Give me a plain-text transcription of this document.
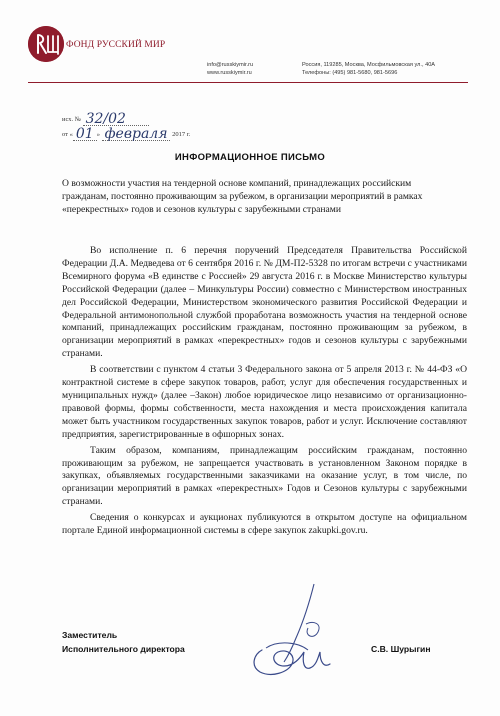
ФОНД РУССКИЙ МИР
info@russkiymir.ru
www.russkiymir.ru
Россия, 119285, Москва, Мосфильмовская ул., 40А
Телефоны: (495) 981-5680, 981-5696
исх. № 32/02
от « 01 » февраля 2017 г.
ИНФОРМАЦИОННОЕ ПИСЬМО
О возможности участия на тендерной основе компаний, принадлежащих российским гражданам, постоянно проживающим за рубежом, в организации мероприятий в рамках «перекрестных» годов и сезонов культуры с зарубежными странами

Во исполнение п. 6 перечня поручений Председателя Правительства Российской Федерации Д.А. Медведева от 6 сентября 2016 г. № ДМ-П2-5328 по итогам встречи с участниками Всемирного форума «В единстве с Россией» 29 августа 2016 г. в Москве Министерство культуры Российской Федерации (далее – Минкультуры России) совместно с Министерством иностранных дел Российской Федерации, Министерством экономического развития Российской Федерации и Федеральной антимонопольной службой проработана возможность участия на тендерной основе компаний, принадлежащих российским гражданам, постоянно проживающим за рубежом, в организации мероприятий в рамках «перекрестных» годов и сезонов культуры с зарубежными странами.

В соответствии с пунктом 4 статьи 3 Федерального закона от 5 апреля 2013 г. № 44-ФЗ «О контрактной системе в сфере закупок товаров, работ, услуг для обеспечения государственных и муниципальных нужд» (далее –Закон) любое юридическое лицо независимо от организационно-правовой формы, формы собственности, места нахождения и места происхождения капитала может быть участником государственных закупок товаров, работ и услуг. Исключение составляют предприятия, зарегистрированные в офшорных зонах.

Таким образом, компаниям, принадлежащим российским гражданам, постоянно проживающим за рубежом, не запрещается участвовать в установленном Законом порядке в закупках, объявляемых государственными заказчиками на оказание услуг, в том числе, по организации мероприятий в рамках «перекрестных» Годов и Сезонов культуры с зарубежными странами.

Сведения о конкурсах и аукционах публикуются в открытом доступе на официальном портале Единой информационной системы в сфере закупок zakupki.gov.ru.

Заместитель
Исполнительного директора	С.В. Шурыгин
